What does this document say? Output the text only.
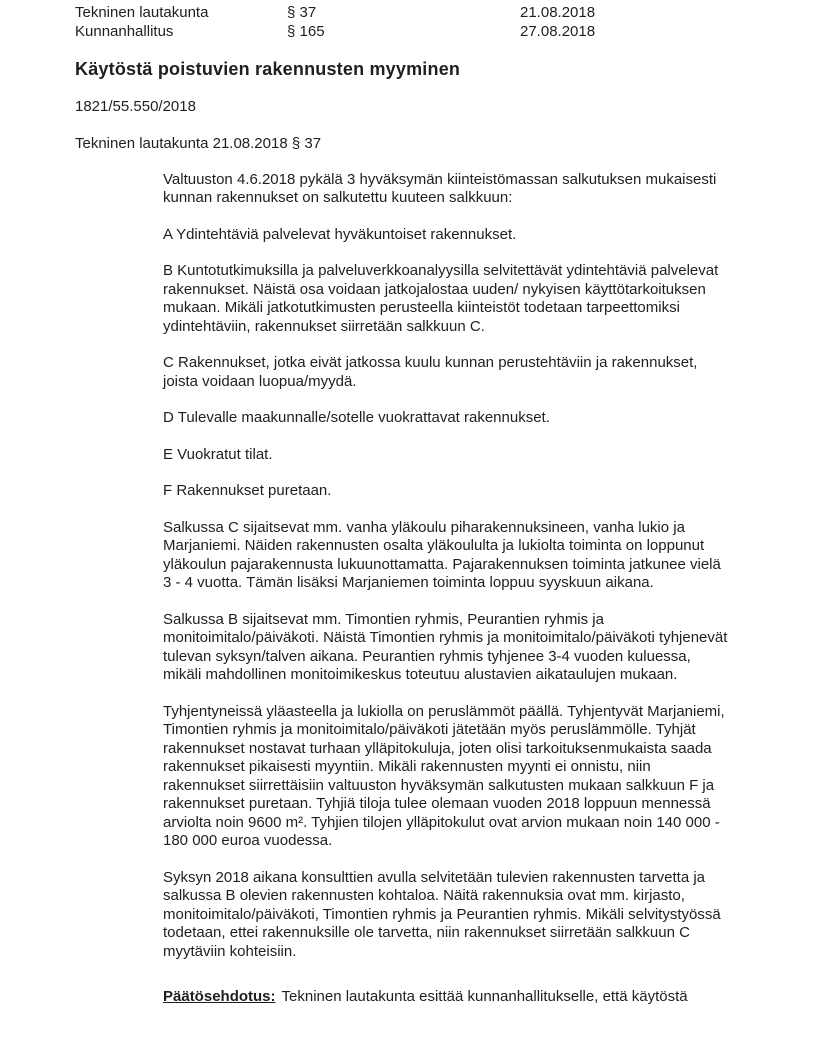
Tekninen lautakunta	§ 37	21.08.2018
Kunnanhallitus	§ 165	27.08.2018
Käytöstä poistuvien rakennusten myyminen
1821/55.550/2018
Tekninen lautakunta 21.08.2018 § 37

Valtuuston 4.6.2018 pykälä 3 hyväksymän kiinteistömassan salkutuksen mukaisesti kunnan rakennukset on salkutettu kuuteen salkkuun:

A Ydintehtäviä palvelevat hyväkuntoiset rakennukset.

B Kuntotutkimuksilla ja palveluverkkoanalyysilla selvitettävät ydintehtäviä palvelevat rakennukset. Näistä osa voidaan jatkojalostaa uuden/ nykyisen käyttötarkoituksen mukaan. Mikäli jatkotutkimusten perusteella kiinteistöt todetaan tarpeettomiksi ydintehtäviin, rakennukset siirretään salkkuun C.

C Rakennukset, jotka eivät jatkossa kuulu kunnan perustehtäviin ja rakennukset, joista voidaan luopua/myydä.

D Tulevalle maakunnalle/sotelle vuokrattavat rakennukset.

E Vuokratut tilat.

F Rakennukset puretaan.

Salkussa C sijaitsevat mm. vanha yläkoulu piharakennuksineen, vanha lukio ja Marjaniemi. Näiden rakennusten osalta yläkoululta ja lukiolta toiminta on loppunut yläkoulun pajarakennusta lukuunottamatta. Pajarakennuksen toiminta jatkunee vielä 3 - 4 vuotta. Tämän lisäksi Marjaniemen toiminta loppuu syyskuun aikana.

Salkussa B sijaitsevat mm. Timontien ryhmis, Peurantien ryhmis ja monitoimitalo/päiväkoti. Näistä Timontien ryhmis ja monitoimitalo/päiväkoti tyhjenevät tulevan syksyn/talven aikana. Peurantien ryhmis tyhjenee 3-4 vuoden kuluessa, mikäli mahdollinen monitoimikeskus toteutuu alustavien aikataulujen mukaan.

Tyhjentyneissä yläasteella ja lukiolla on peruslämmöt päällä. Tyhjentyvät Marjaniemi, Timontien ryhmis ja monitoimitalo/päiväkoti jätetään myös peruslämmölle. Tyhjät rakennukset nostavat turhaan ylläpitokuluja, joten olisi tarkoituksenmukaista saada rakennukset pikaisesti myyntiin. Mikäli rakennusten myynti ei onnistu, niin rakennukset siirrettäisiin valtuuston hyväksymän salkutusten mukaan salkkuun F ja rakennukset puretaan. Tyhjiä tiloja tulee olemaan vuoden 2018 loppuun mennessä arviolta noin 9600 m². Tyhjien tilojen ylläpitokulut ovat arvion mukaan noin 140 000 - 180 000 euroa vuodessa.

Syksyn 2018 aikana konsulttien avulla selvitetään tulevien rakennusten tarvetta ja salkussa B olevien rakennusten kohtaloa. Näitä rakennuksia ovat mm. kirjasto, monitoimitalo/päiväkoti, Timontien ryhmis ja Peurantien ryhmis. Mikäli selvitystyössä todetaan, ettei rakennuksille ole tarvetta, niin rakennukset siirretään salkkuun C myytäviin kohteisiin.

Päätösehdotus: Tekninen lautakunta esittää kunnanhallitukselle, että käytöstä
